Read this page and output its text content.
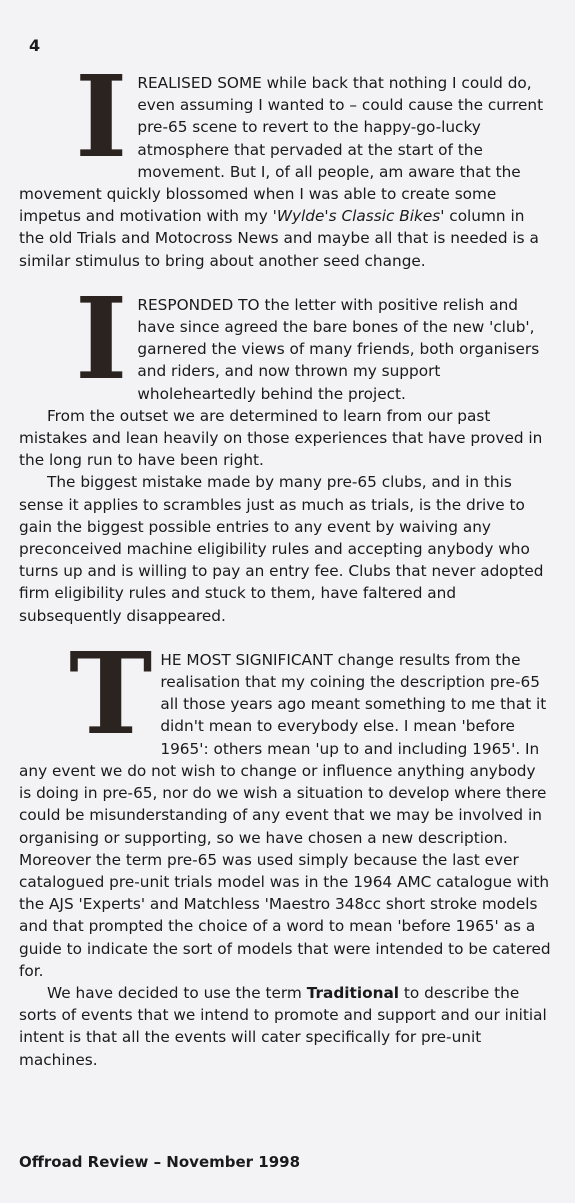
4

IREALISED SOME while back that nothing I could do, even assuming I wanted to – could cause the current pre-65 scene to revert to the happy-go-lucky atmosphere that pervaded at the start of the movement. But I, of all people, am aware that the movement quickly blossomed when I was able to create some impetus and motivation with my 'Wylde's Classic Bikes' column in the old Trials and Motocross News and maybe all that is needed is a similar stimulus to bring about another seed change.

IRESPONDED TO the letter with positive relish and have since agreed the bare bones of the new 'club', garnered the views of many friends, both organisers and riders, and now thrown my support wholeheartedly behind the project.

From the outset we are determined to learn from our past mistakes and lean heavily on those experiences that have proved in the long run to have been right.

The biggest mistake made by many pre-65 clubs, and in this sense it applies to scrambles just as much as trials, is the drive to gain the biggest possible entries to any event by waiving any preconceived machine eligibility rules and accepting anybody who turns up and is willing to pay an entry fee. Clubs that never adopted firm eligibility rules and stuck to them, have faltered and subsequently disappeared.

THE MOST SIGNIFICANT change results from the realisation that my coining the description pre-65 all those years ago meant something to me that it didn't mean to everybody else. I mean 'before 1965': others mean 'up to and including 1965'. In any event we do not wish to change or influence anything anybody is doing in pre-65, nor do we wish a situation to develop where there could be misunderstanding of any event that we may be involved in organising or supporting, so we have chosen a new description. Moreover the term pre-65 was used simply because the last ever catalogued pre-unit trials model was in the 1964 AMC catalogue with the AJS 'Experts' and Matchless 'Maestro 348cc short stroke models and that prompted the choice of a word to mean 'before 1965' as a guide to indicate the sort of models that were intended to be catered for.

We have decided to use the term Traditional to describe the sorts of events that we intend to promote and support and our initial intent is that all the events will cater specifically for pre-unit machines.

Offroad Review – November 1998
